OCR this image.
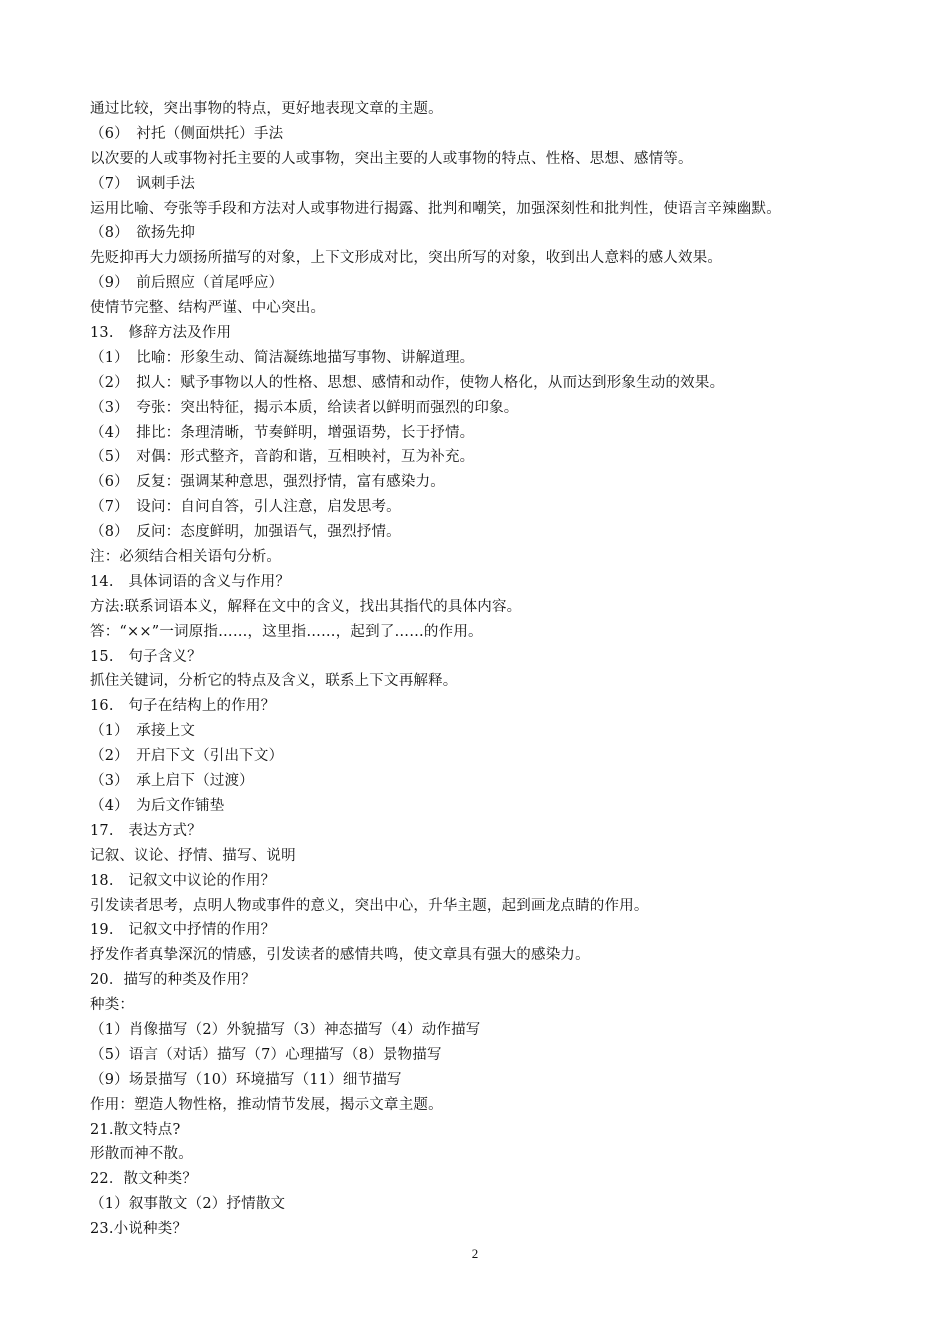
通过比较，突出事物的特点，更好地表现文章的主题。
（6）　衬托（侧面烘托）手法
以次要的人或事物衬托主要的人或事物，突出主要的人或事物的特点、性格、思想、感情等。
（7）　讽刺手法
运用比喻、夸张等手段和方法对人或事物进行揭露、批判和嘲笑，加强深刻性和批判性，使语言辛辣幽默。
（8）　欲扬先抑
先贬抑再大力颂扬所描写的对象，上下文形成对比，突出所写的对象，收到出人意料的感人效果。
（9）　前后照应（首尾呼应）
使情节完整、结构严谨、中心突出。
13.　修辞方法及作用
（1）　比喻：形象生动、简洁凝练地描写事物、讲解道理。
（2）　拟人：赋予事物以人的性格、思想、感情和动作，使物人格化，从而达到形象生动的效果。
（3）　夸张：突出特征，揭示本质，给读者以鲜明而强烈的印象。
（4）　排比：条理清晰，节奏鲜明，增强语势，长于抒情。
（5）　对偶：形式整齐，音韵和谐，互相映衬，互为补充。
（6）　反复：强调某种意思，强烈抒情，富有感染力。
（7）　设问：自问自答，引人注意，启发思考。
（8）　反问：态度鲜明，加强语气，强烈抒情。
注：必须结合相关语句分析。
14.　具体词语的含义与作用？
方法:联系词语本义，解释在文中的含义，找出其指代的具体内容。
答：“××”一词原指……，这里指……，起到了……的作用。
15.　句子含义？
抓住关键词，分析它的特点及含义，联系上下文再解释。
16.　句子在结构上的作用？
（1）　承接上文
（2）　开启下文（引出下文）
（3）　承上启下（过渡）
（4）　为后文作铺垫
17.　表达方式？
记叙、议论、抒情、描写、说明
18.　记叙文中议论的作用？
引发读者思考，点明人物或事件的意义，突出中心，升华主题，起到画龙点睛的作用。
19.　记叙文中抒情的作用？
抒发作者真挚深沉的情感，引发读者的感情共鸣，使文章具有强大的感染力。
20．描写的种类及作用？
种类：
（1）肖像描写（2）外貌描写（3）神态描写（4）动作描写
（5）语言（对话）描写（7）心理描写（8）景物描写
（9）场景描写（10）环境描写（11）细节描写
作用：塑造人物性格，推动情节发展，揭示文章主题。
21.散文特点?
形散而神不散。
22．散文种类？
（1）叙事散文（2）抒情散文
23.小说种类？
2
